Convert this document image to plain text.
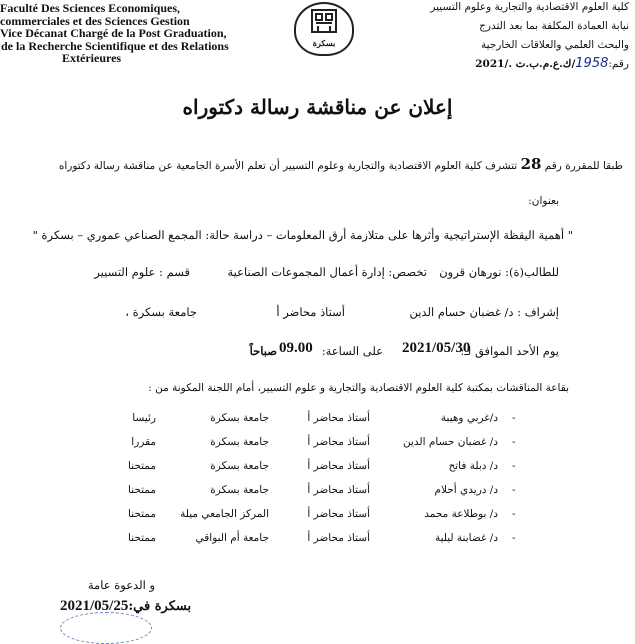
Faculté Des Sciences Economiques,
commerciales et des Sciences Gestion
Vice Décanat Chargé de la Post Graduation,
de la Recherche Scientifique et des Relations
Extérieures
بسكرة
كلية العلوم الاقتصادية والتجارية وعلوم التسيير
نيابة العمادة المكلفة بما بعد التدرج
والبحث العلمي والعلاقات الخارجية
رقم:1958/ك.ع.م.ب.ت ./2021
إعلان عن مناقشة رسالة دكتوراه
طبقا للمقررة رقم 28 تتشرف كلية العلوم الاقتصادية والتجارية وعلوم التسيير أن تعلم الأسرة الجامعية عن مناقشة رسالة دكتوراه
بعنوان:
" أهمية اليقظة الإستراتيجية وأثرها على متلازمة أرق المعلومات – دراسة حالة: المجمع الصناعي عموري – بسكرة "
للطالب(ة): نورهان قرون
تخصص: إدارة أعمال المجموعات الصناعية
قسم : علوم التسيير
إشراف : د/ غضبان حسام الدين
أستاذ محاضر أ
جامعة بسكرة ،
يوم الأحد الموافق لـ:
2021/05/30
على الساعة:
09.00
صباحاً
بقاعة المناقشات بمكتبة كلية العلوم الاقتصادية والتجارية و علوم التسيير، أمام اللجنة المكونة من :
-
د/غربي وهيبة
أستاذ محاضر أ
جامعة بسكرة
رئيسا
-
د/ غضبان حسام الدين
أستاذ محاضر أ
جامعة بسكرة
مقررا
-
د/ دبلة فاتح
أستاذ محاضر أ
جامعة بسكرة
ممتحنا
-
د/ دريدي أحلام
أستاذ محاضر أ
جامعة بسكرة
ممتحنا
-
د/ بوطلاعة محمد
أستاذ محاضر أ
المركز الجامعي ميلة
ممتحنا
-
د/ غضابنة ليلية
أستاذ محاضر أ
جامعة أم البواقي
ممتحنا
و الدعوة عامة
بسكرة في:2021/05/25
